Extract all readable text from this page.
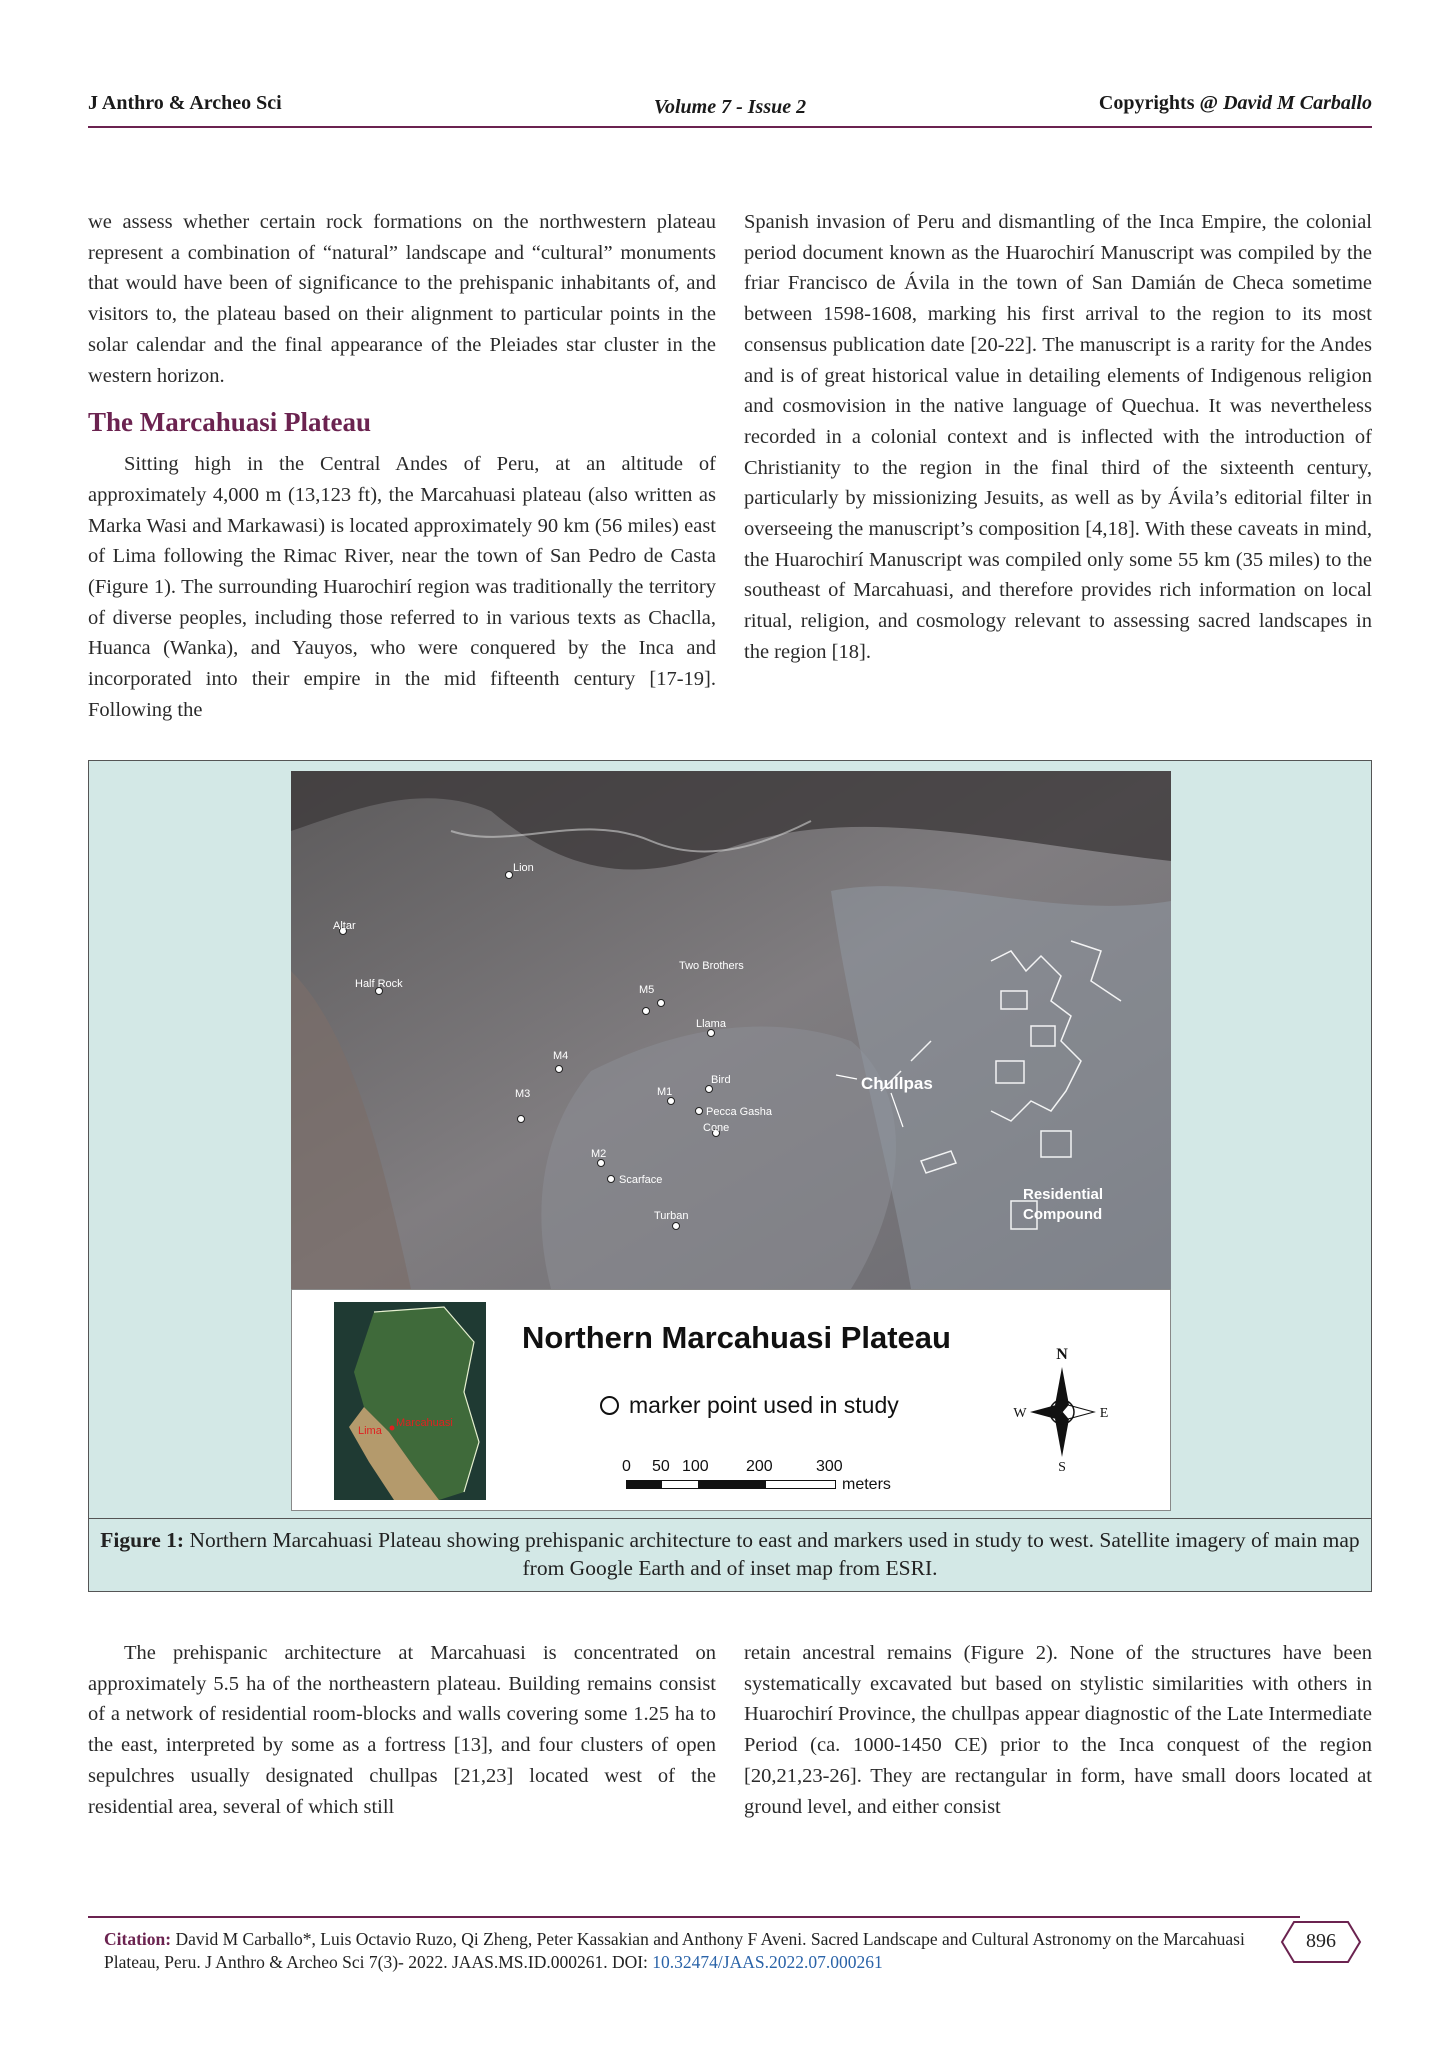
J Anthro & Archeo Sci	Volume 7 - Issue 2	Copyrights @ David M Carballo

we assess whether certain rock formations on the northwestern plateau represent a combination of “natural” landscape and “cultural” monuments that would have been of significance to the prehispanic inhabitants of, and visitors to, the plateau based on their alignment to particular points in the solar calendar and the final appearance of the Pleiades star cluster in the western horizon.

The Marcahuasi Plateau

Sitting high in the Central Andes of Peru, at an altitude of approximately 4,000 m (13,123 ft), the Marcahuasi plateau (also written as Marka Wasi and Markawasi) is located approximately 90 km (56 miles) east of Lima following the Rimac River, near the town of San Pedro de Casta (Figure 1). The surrounding Huarochirí region was traditionally the territory of diverse peoples, including those referred to in various texts as Chaclla, Huanca (Wanka), and Yauyos, who were conquered by the Inca and incorporated into their empire in the mid fifteenth century [17-19]. Following the

Spanish invasion of Peru and dismantling of the Inca Empire, the colonial period document known as the Huarochirí Manuscript was compiled by the friar Francisco de Ávila in the town of San Damián de Checa sometime between 1598-1608, marking his first arrival to the region to its most consensus publication date [20-22]. The manuscript is a rarity for the Andes and is of great historical value in detailing elements of Indigenous religion and cosmovision in the native language of Quechua. It was nevertheless recorded in a colonial context and is inflected with the introduction of Christianity to the region in the final third of the sixteenth century, particularly by missionizing Jesuits, as well as by Ávila’s editorial filter in overseeing the manuscript’s composition [4,18]. With these caveats in mind, the Huarochirí Manuscript was compiled only some 55 km (35 miles) to the southeast of Marcahuasi, and therefore provides rich information on local ritual, religion, and cosmology relevant to assessing sacred landscapes in the region [18].

Lion
Altar
Half Rock	M5
Two Brothers
Llama
M4
M3	M1
Bird
Pecca Gasha
Cone
M2
Scarface
Turban
Chullpas
Residential
Compound
Lima
Marcahuasi
Northern Marcahuasi Plateau
marker point used in study
0 50 100 200	300
meters
N
S
W	E
Figure 1: Northern Marcahuasi Plateau showing prehispanic architecture to east and markers used in study to west. Satellite imagery of main map from Google Earth and of inset map from ESRI.

The prehispanic architecture at Marcahuasi is concentrated on approximately 5.5 ha of the northeastern plateau. Building remains consist of a network of residential room-blocks and walls covering some 1.25 ha to the east, interpreted by some as a fortress [13], and four clusters of open sepulchres usually designated chullpas [21,23] located west of the residential area, several of which still

retain ancestral remains (Figure 2). None of the structures have been systematically excavated but based on stylistic similarities with others in Huarochirí Province, the chullpas appear diagnostic of the Late Intermediate Period (ca. 1000-1450 CE) prior to the Inca conquest of the region [20,21,23-26]. They are rectangular in form, have small doors located at ground level, and either consist

Citation: David M Carballo*, Luis Octavio Ruzo, Qi Zheng, Peter Kassakian and Anthony F Aveni. Sacred Landscape and Cultural Astronomy on the Marcahuasi Plateau, Peru. J Anthro & Archeo Sci 7(3)- 2022. JAAS.MS.ID.000261. DOI: 10.32474/JAAS.2022.07.000261
896
